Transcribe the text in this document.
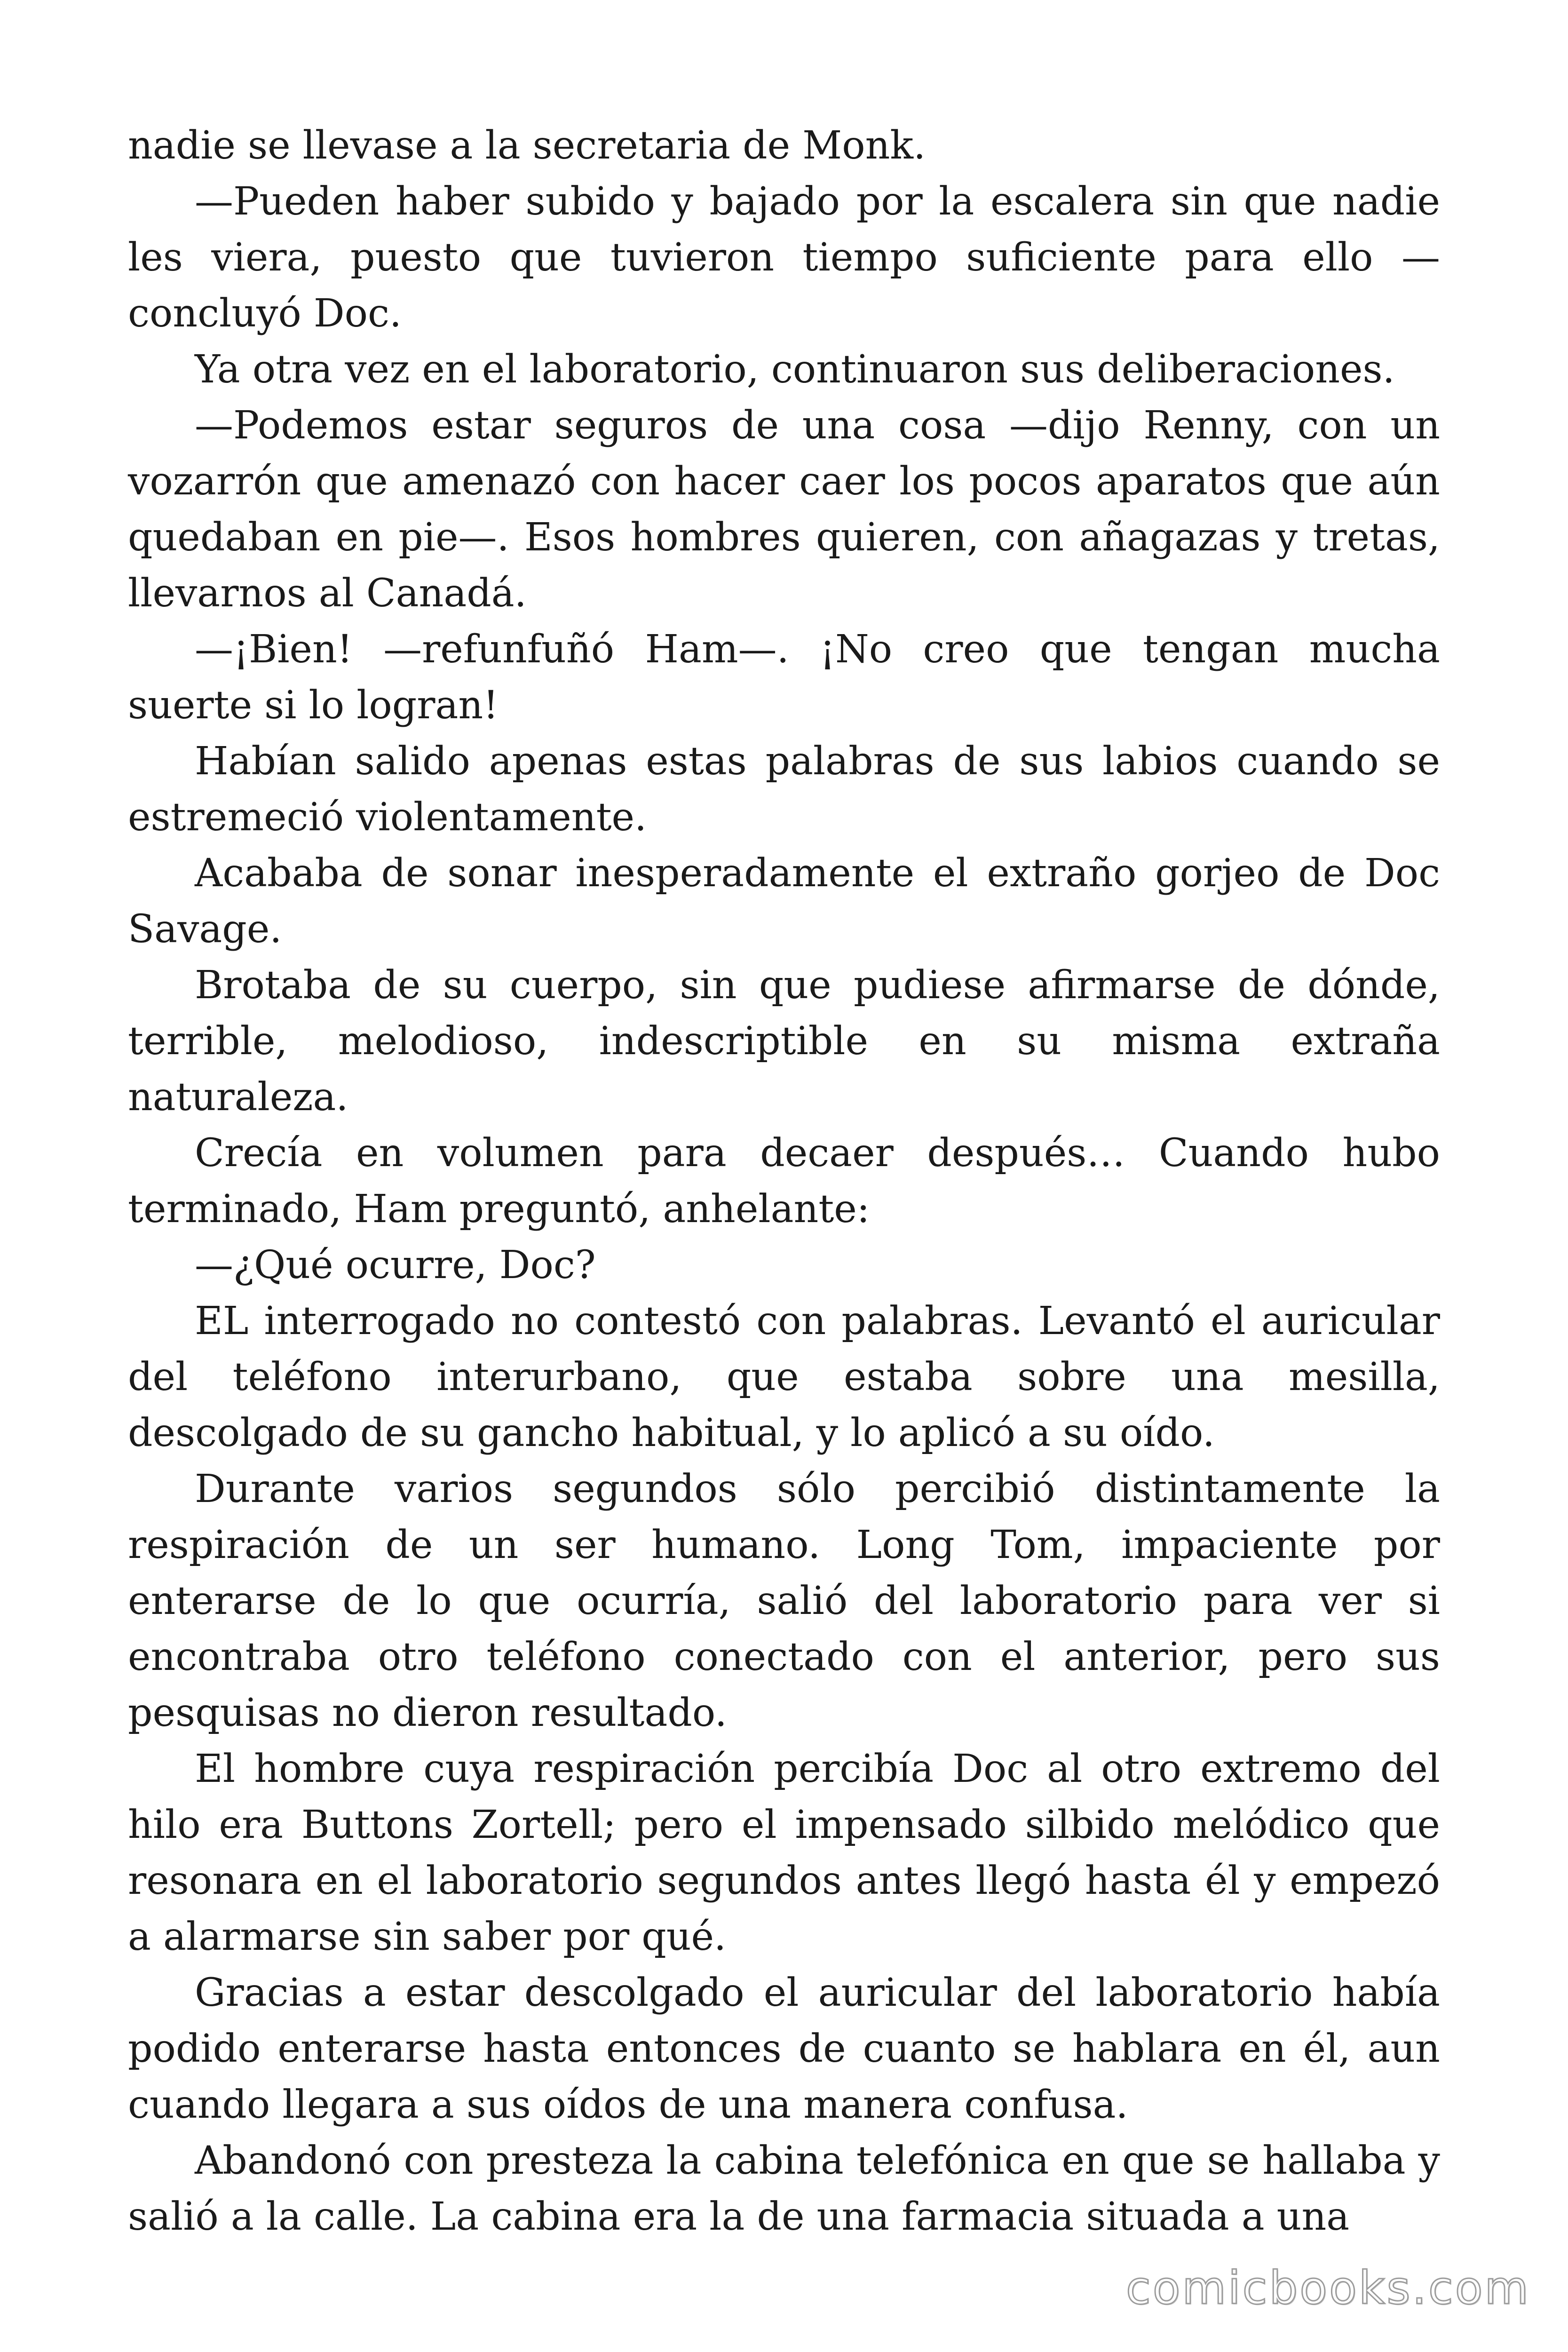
nadie se llevase a la secretaria de Monk.

—Pueden haber subido y bajado por la escalera sin que nadie les viera, puesto que tuvieron tiempo suficiente para ello —concluyó Doc.

Ya otra vez en el laboratorio, continuaron sus deliberaciones.

—Podemos estar seguros de una cosa —dijo Renny, con un vozarrón que amenazó con hacer caer los pocos aparatos que aún quedaban en pie—. Esos hombres quieren, con añagazas y tretas, llevarnos al Canadá.

—¡Bien! —refunfuñó Ham—. ¡No creo que tengan mucha suerte si lo logran!

Habían salido apenas estas palabras de sus labios cuando se estremeció violentamente.

Acababa de sonar inesperadamente el extraño gorjeo de Doc Savage.

Brotaba de su cuerpo, sin que pudiese afirmarse de dónde, terrible, melodioso, indescriptible en su misma extraña naturaleza.

Crecía en volumen para decaer después… Cuando hubo terminado, Ham preguntó, anhelante:

—¿Qué ocurre, Doc?

EL interrogado no contestó con palabras. Levantó el auricular del teléfono interurbano, que estaba sobre una mesilla, descolgado de su gancho habitual, y lo aplicó a su oído.

Durante varios segundos sólo percibió distintamente la respiración de un ser humano. Long Tom, impaciente por enterarse de lo que ocurría, salió del laboratorio para ver si encontraba otro teléfono conectado con el anterior, pero sus pesquisas no dieron resultado.

El hombre cuya respiración percibía Doc al otro extremo del hilo era Buttons Zortell; pero el impensado silbido melódico que resonara en el laboratorio segundos antes llegó hasta él y empezó a alarmarse sin saber por qué.

Gracias a estar descolgado el auricular del laboratorio había podido enterarse hasta entonces de cuanto se hablara en él, aun cuando llegara a sus oídos de una manera confusa.

Abandonó con presteza la cabina telefónica en que se hallaba y salió a la calle. La cabina era la de una farmacia situada a una

comicbooks.com
